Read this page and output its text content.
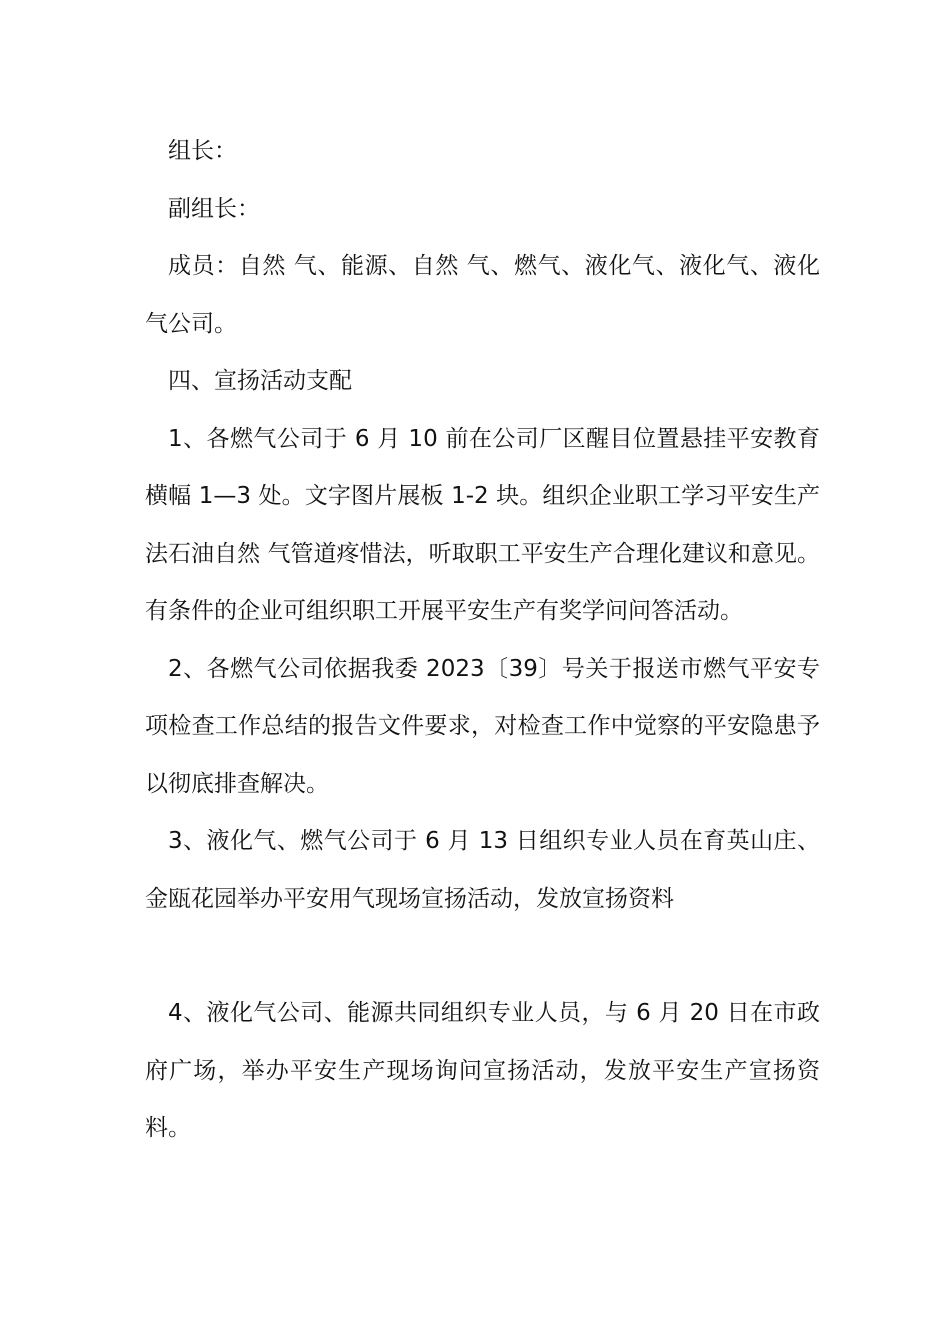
组长：

副组长：

成员：自然 气、能源、自然 气、燃气、液化气、液化气、液化气公司。

四、宣扬活动支配

1、各燃气公司于 6 月 10 前在公司厂区醒目位置悬挂平安教育横幅 1—3 处。文字图片展板 1-2 块。组织企业职工学习平安生产法石油自然 气管道疼惜法，听取职工平安生产合理化建议和意见。有条件的企业可组织职工开展平安生产有奖学问问答活动。

2、各燃气公司依据我委 2023〔39〕号关于报送市燃气平安专项检查工作总结的报告文件要求，对检查工作中觉察的平安隐患予以彻底排查解决。

3、液化气、燃气公司于 6 月 13 日组织专业人员在育英山庄、金瓯花园举办平安用气现场宣扬活动，发放宣扬资料

4、液化气公司、能源共同组织专业人员，与 6 月 20 日在市政府广场，举办平安生产现场询问宣扬活动，发放平安生产宣扬资料。
